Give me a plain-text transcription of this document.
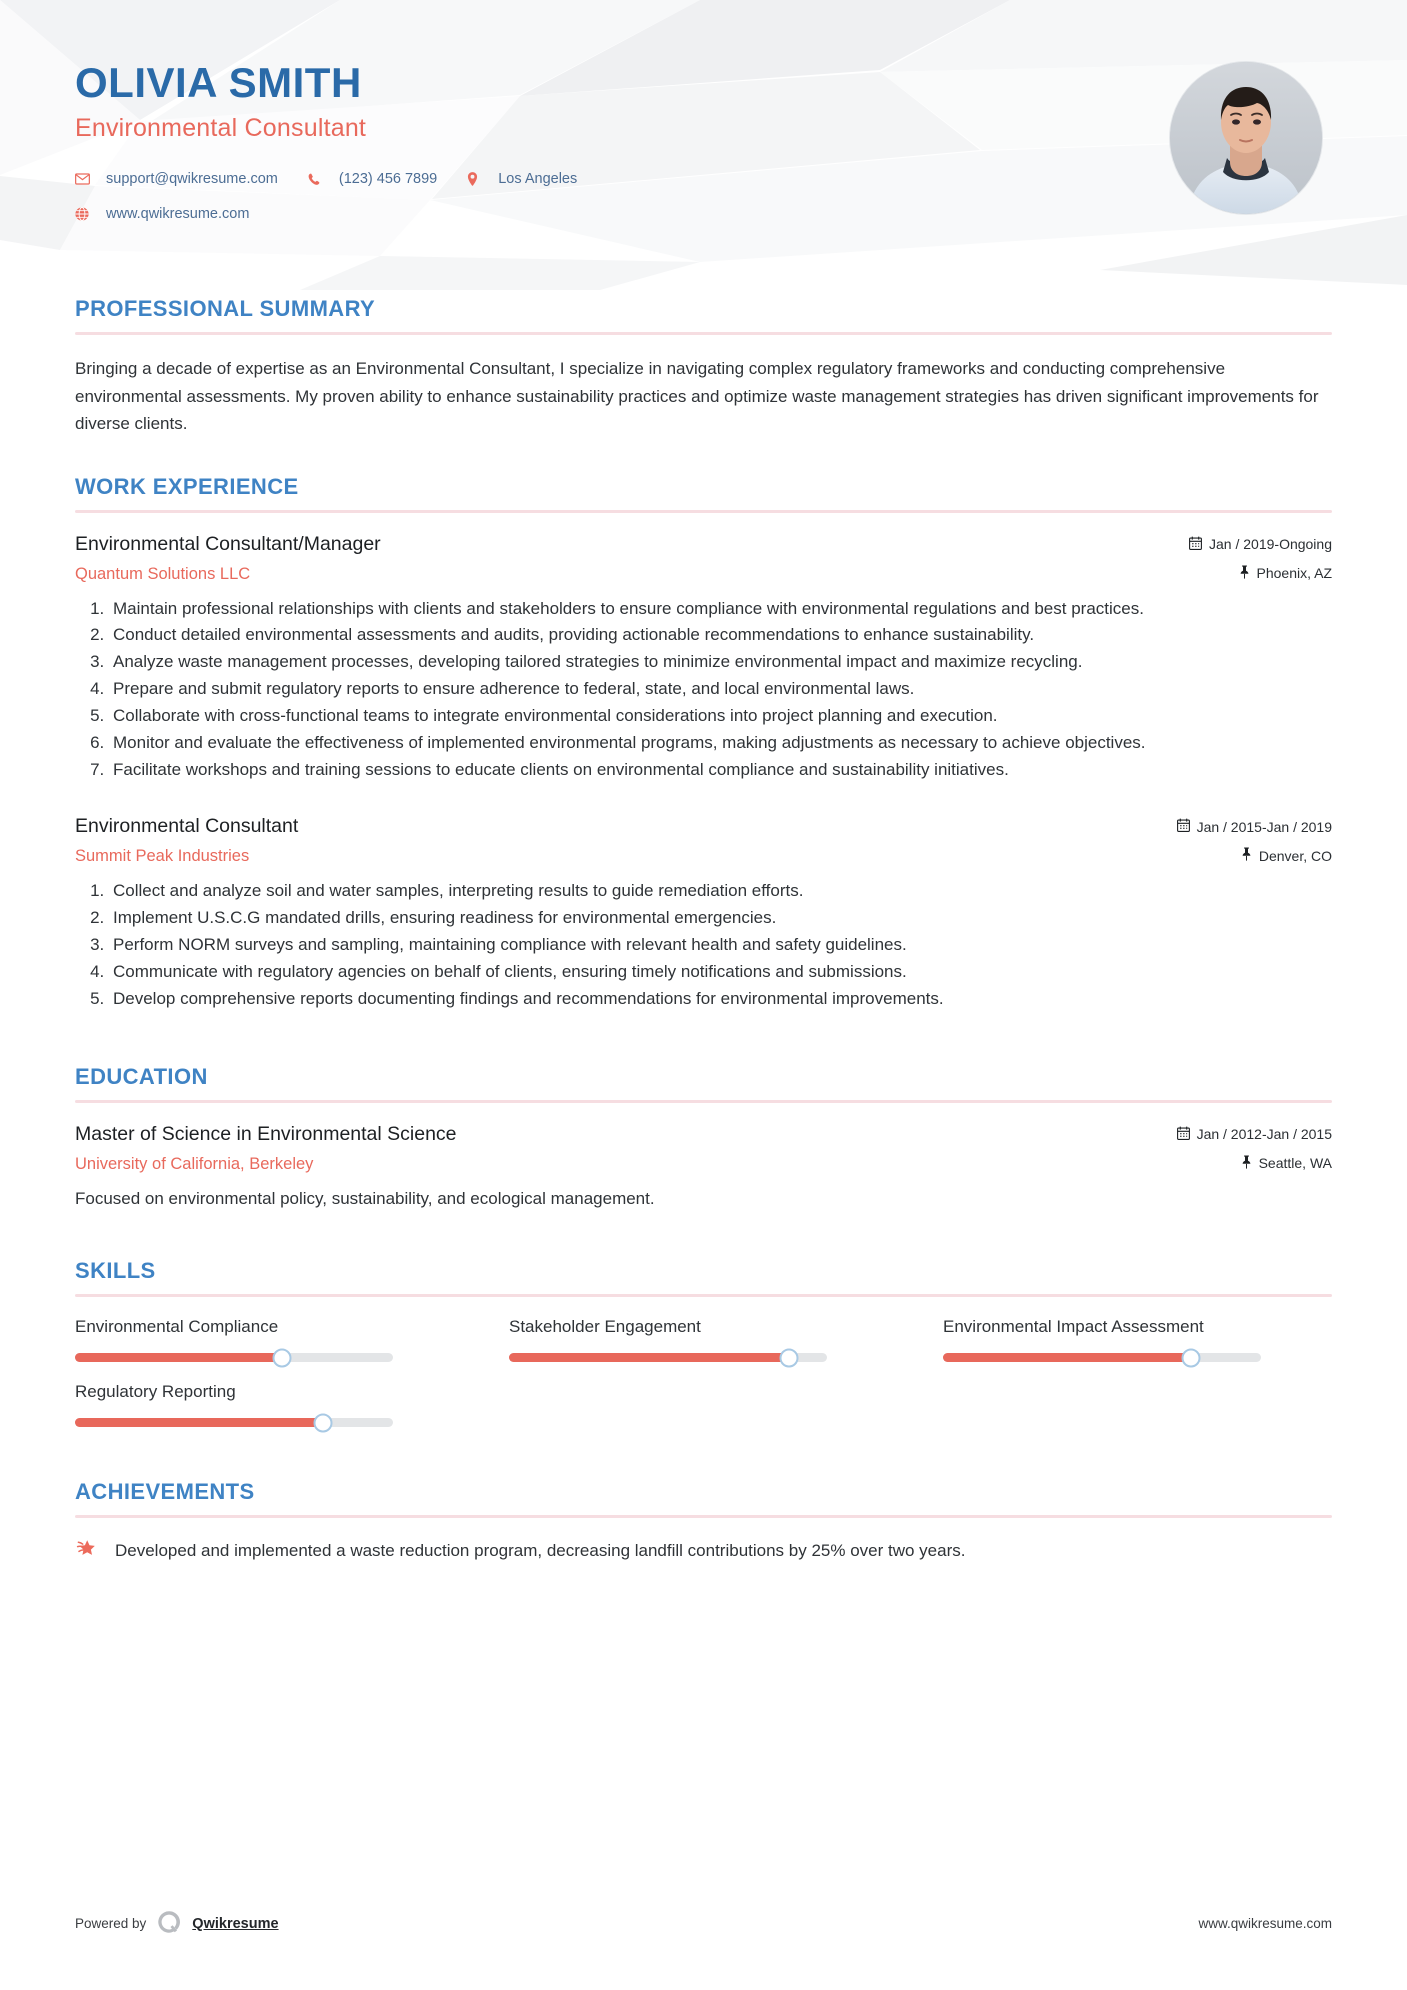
OLIVIA SMITH
Environmental Consultant
support@qwikresume.com	(123) 456 7899	Los Angeles
www.qwikresume.com
PROFESSIONAL SUMMARY
Bringing a decade of expertise as an Environmental Consultant, I specialize in navigating complex regulatory frameworks and conducting comprehensive environmental assessments. My proven ability to enhance sustainability practices and optimize waste management strategies has driven significant improvements for diverse clients.
WORK EXPERIENCE
Environmental Consultant/Manager	Jan / 2019-Ongoing
Quantum Solutions LLC	Phoenix, AZ
1. Maintain professional relationships with clients and stakeholders to ensure compliance with environmental regulations and best practices.
2. Conduct detailed environmental assessments and audits, providing actionable recommendations to enhance sustainability.
3. Analyze waste management processes, developing tailored strategies to minimize environmental impact and maximize recycling.
4. Prepare and submit regulatory reports to ensure adherence to federal, state, and local environmental laws.
5. Collaborate with cross-functional teams to integrate environmental considerations into project planning and execution.
6. Monitor and evaluate the effectiveness of implemented environmental programs, making adjustments as necessary to achieve objectives.
7. Facilitate workshops and training sessions to educate clients on environmental compliance and sustainability initiatives.
Environmental Consultant	Jan / 2015-Jan / 2019
Summit Peak Industries	Denver, CO
1. Collect and analyze soil and water samples, interpreting results to guide remediation efforts.
2. Implement U.S.C.G mandated drills, ensuring readiness for environmental emergencies.
3. Perform NORM surveys and sampling, maintaining compliance with relevant health and safety guidelines.
4. Communicate with regulatory agencies on behalf of clients, ensuring timely notifications and submissions.
5. Develop comprehensive reports documenting findings and recommendations for environmental improvements.
EDUCATION
Master of Science in Environmental Science	Jan / 2012-Jan / 2015
University of California, Berkeley	Seattle, WA
Focused on environmental policy, sustainability, and ecological management.
SKILLS
Environmental Compliance	Stakeholder Engagement	Environmental Impact Assessment
Regulatory Reporting
ACHIEVEMENTS
Developed and implemented a waste reduction program, decreasing landfill contributions by 25% over two years.
Powered by	Qwikresume	www.qwikresume.com
